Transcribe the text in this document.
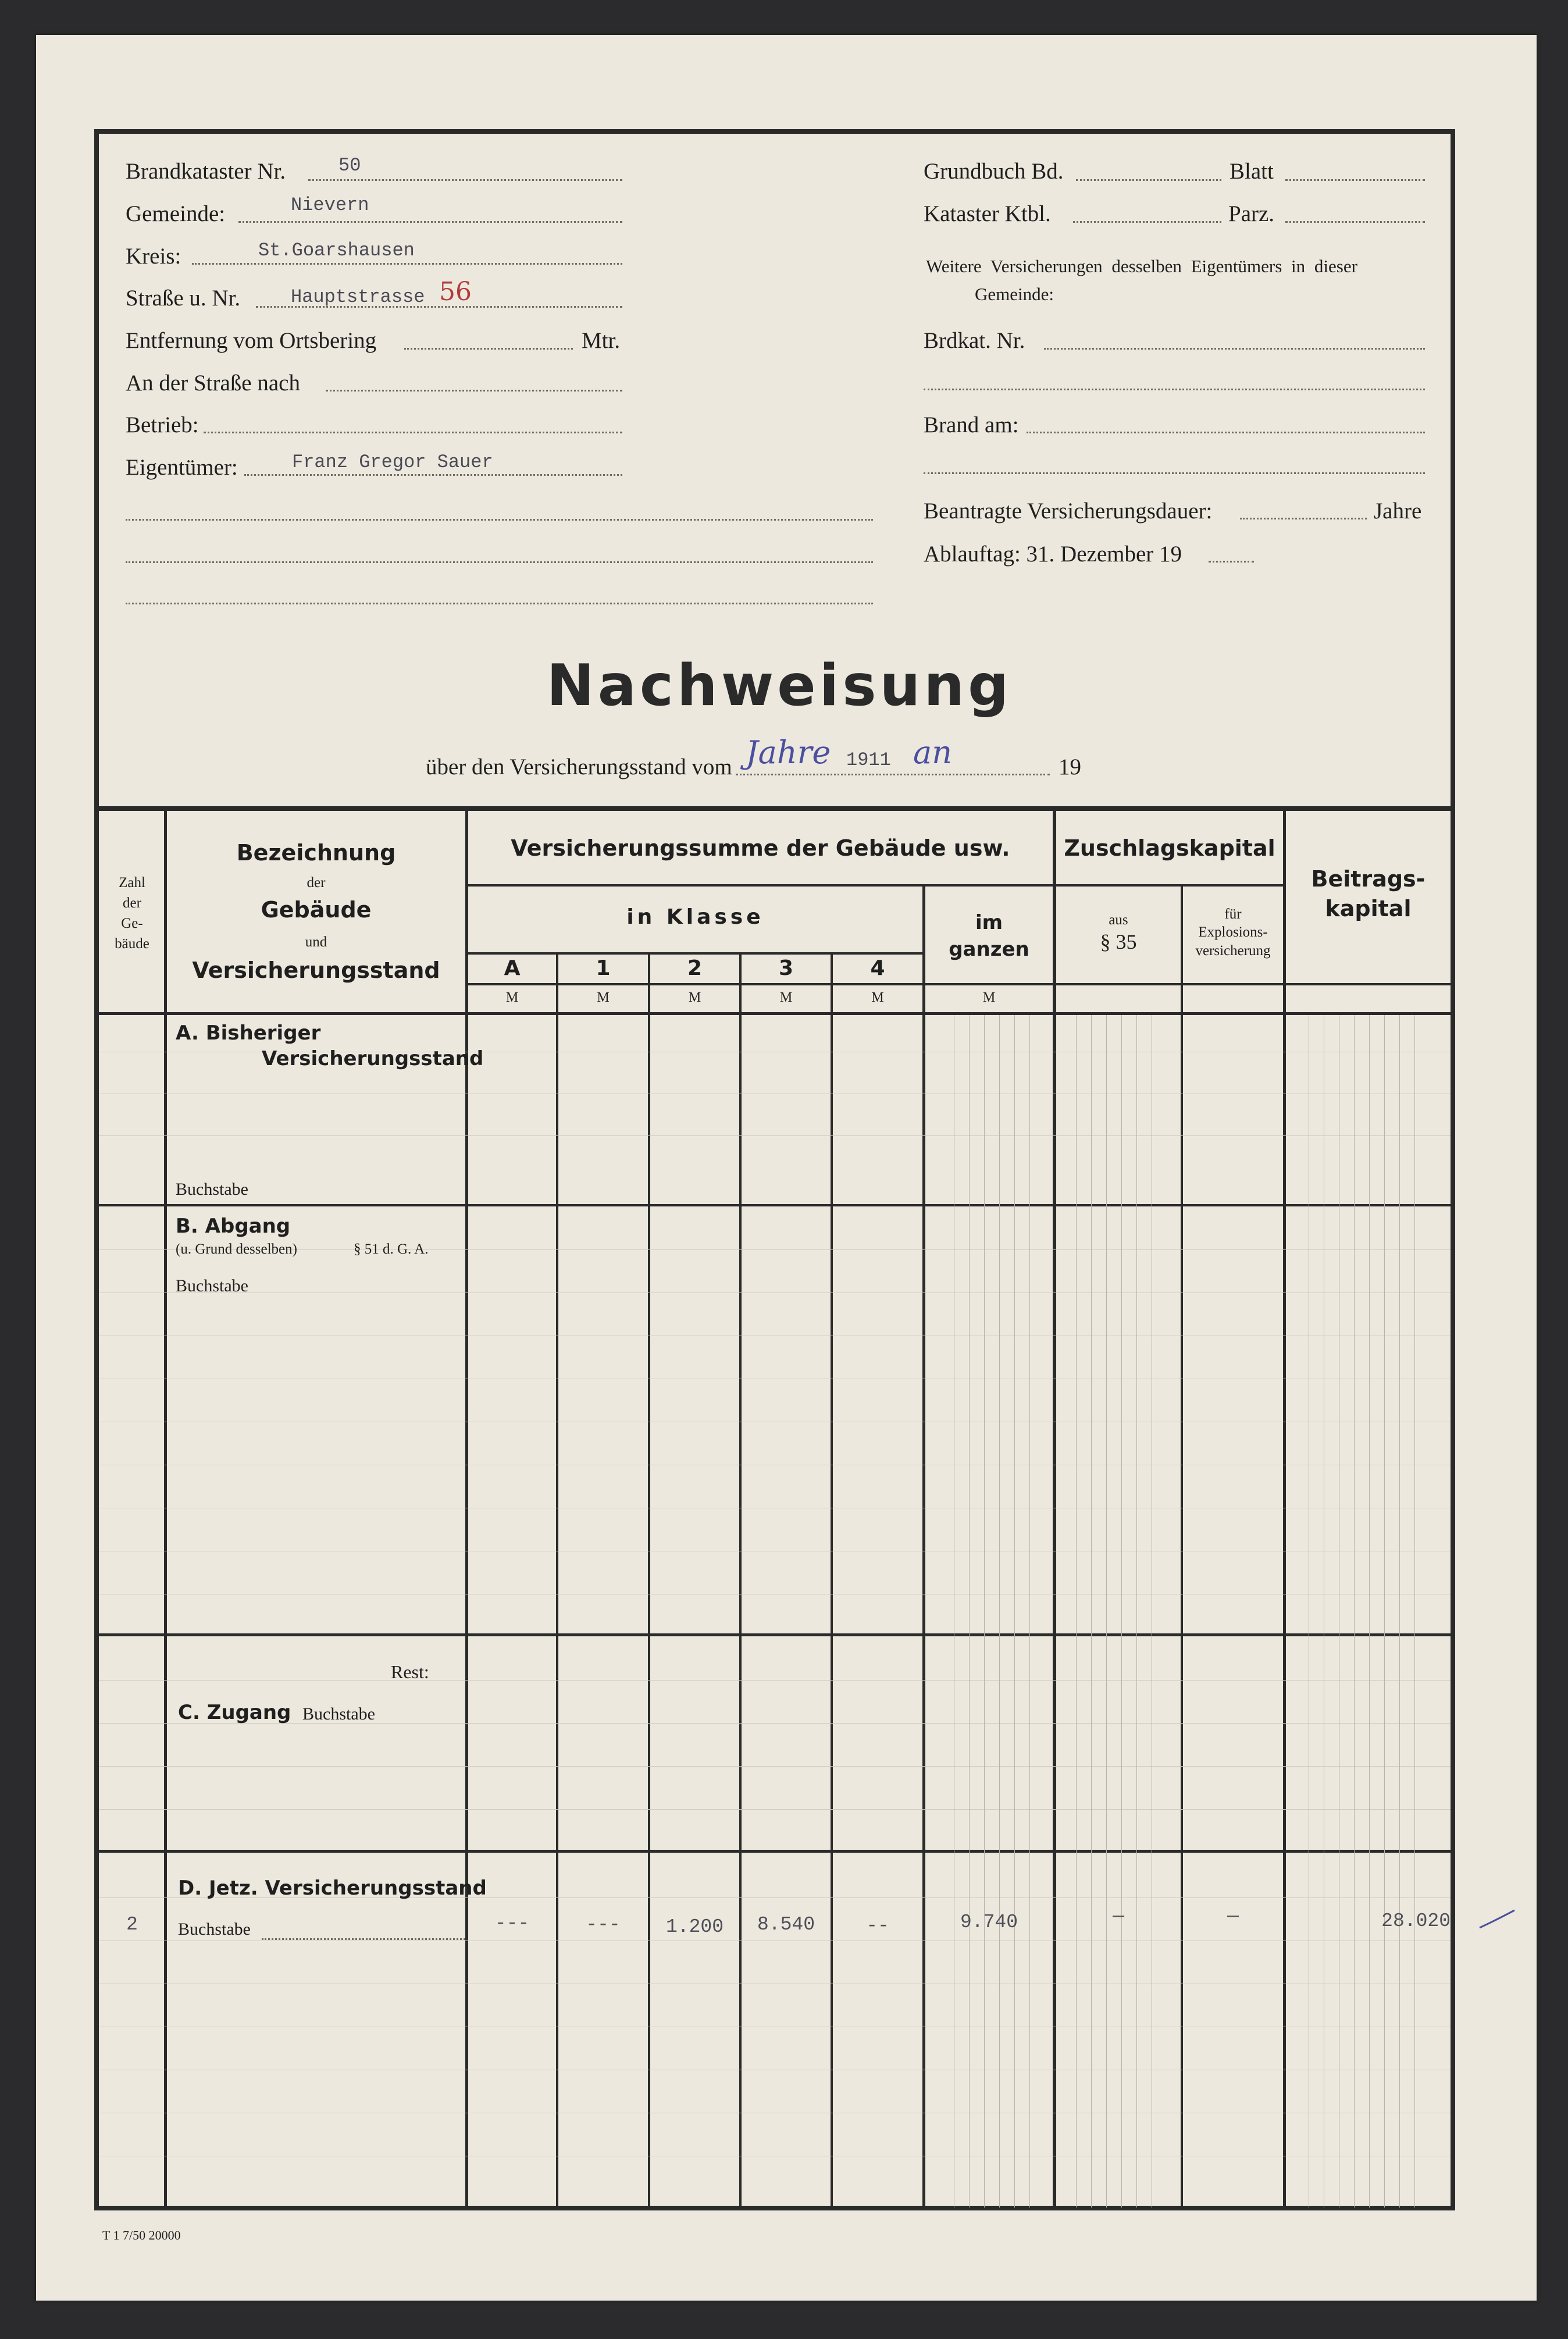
Brandkataster Nr.	50
Gemeinde:	Nievern
Kreis:	St.Goarshausen
Straße u. Nr.	Hauptstrasse 56
Entfernung vom Ortsbering	Mtr.
An der Straße nach
Betrieb:
Eigentümer:	Franz Gregor Sauer
Grundbuch Bd.	Blatt
Kataster Ktbl.	Parz.
Weitere Versicherungen desselben Eigentümers in dieser
Gemeinde:
Brdkat. Nr.
Brand am:
Beantragte Versicherungsdauer:	Jahre
Ablauftag: 31. Dezember 19
Nachweisung
über den Versicherungsstand vom Jahre 1911 an	19
Zahl
der
Ge-
bäude
Bezeichnung
der
Gebäude
und
Versicherungsstand
Versicherungssumme der Gebäude usw.
in Klasse
A	1	2	3	4
im
ganzen
Zuschlagskapital
aus
§ 35
für
Explosions-
versicherung
Beitrags-
kapital
M	M	M	M	M	M
A. Bisheriger
Versicherungsstand
Buchstabe
B. Abgang
(u. Grund desselben)	§ 51 d. G. A.
Buchstabe
Rest:
C. Zugang Buchstabe
D. Jetz. Versicherungsstand
Buchstabe
2	---	---	1.200	8.540	--	9.740	—	—	28.020
T 1 7/50 20000
